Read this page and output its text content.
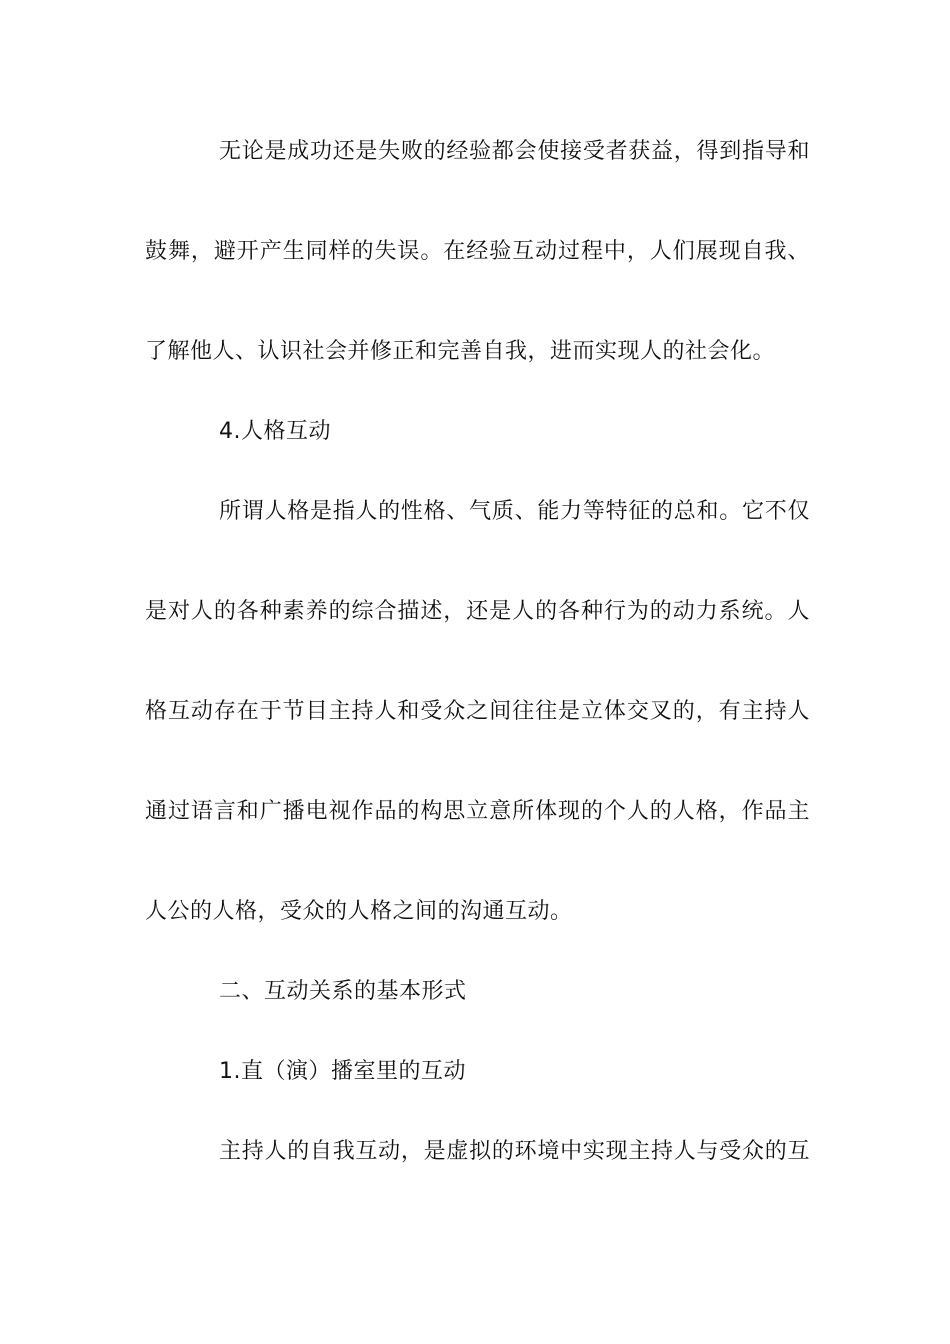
无论是成功还是失败的经验都会使接受者获益，得到指导和
鼓舞，避开产生同样的失误。在经验互动过程中，人们展现自我、
了解他人、认识社会并修正和完善自我，进而实现人的社会化。
4.人格互动
所谓人格是指人的性格、气质、能力等特征的总和。它不仅
是对人的各种素养的综合描述，还是人的各种行为的动力系统。人
格互动存在于节目主持人和受众之间往往是立体交叉的，有主持人
通过语言和广播电视作品的构思立意所体现的个人的人格，作品主
人公的人格，受众的人格之间的沟通互动。
二、互动关系的基本形式
1.直（演）播室里的互动
主持人的自我互动，是虚拟的环境中实现主持人与受众的互
